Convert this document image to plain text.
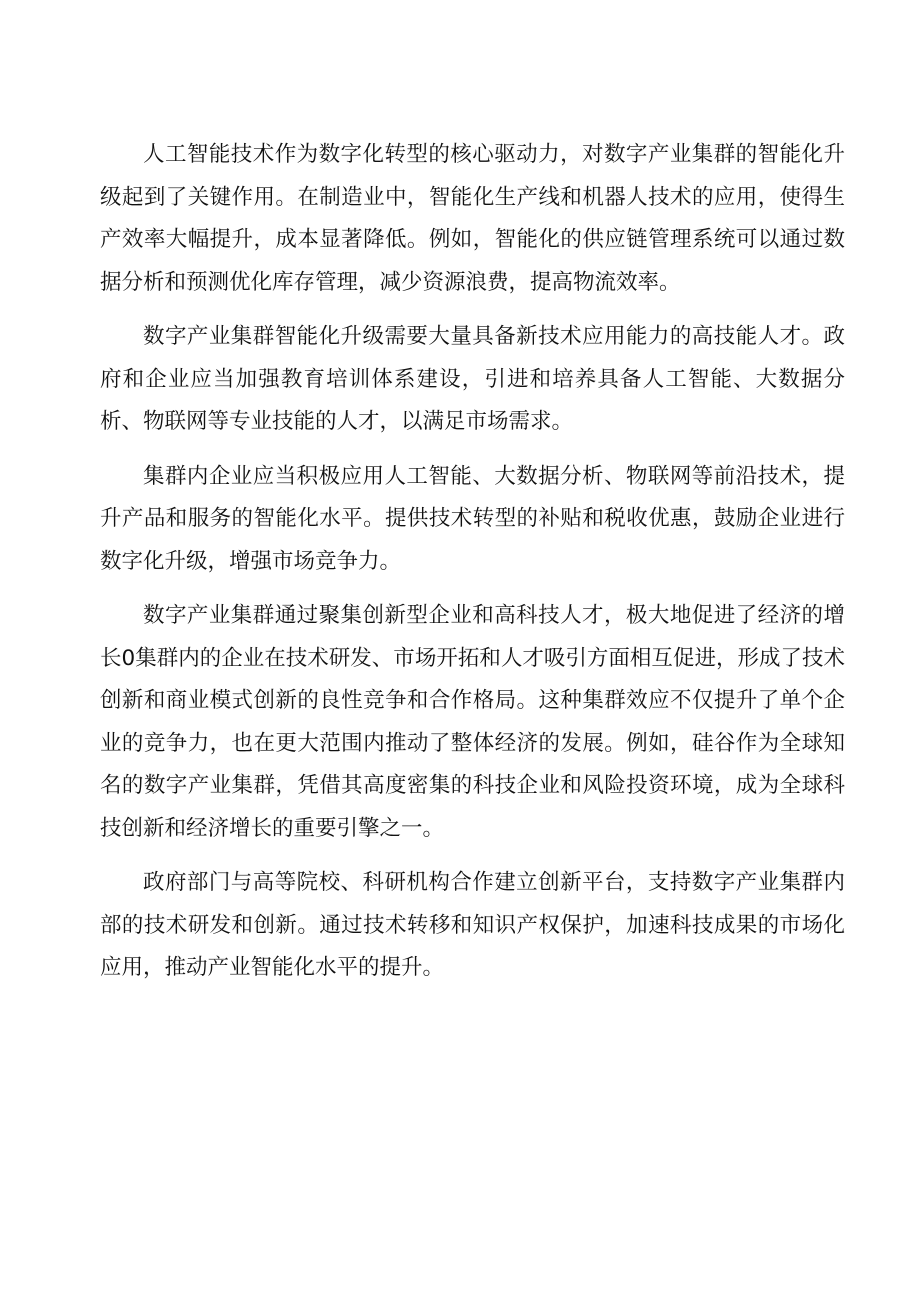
人工智能技术作为数字化转型的核心驱动力，对数字产业集群的智能化升级起到了关键作用。在制造业中，智能化生产线和机器人技术的应用，使得生产效率大幅提升，成本显著降低。例如，智能化的供应链管理系统可以通过数据分析和预测优化库存管理，减少资源浪费，提高物流效率。

数字产业集群智能化升级需要大量具备新技术应用能力的高技能人才。政府和企业应当加强教育培训体系建设，引进和培养具备人工智能、大数据分析、物联网等专业技能的人才，以满足市场需求。

集群内企业应当积极应用人工智能、大数据分析、物联网等前沿技术，提升产品和服务的智能化水平。提供技术转型的补贴和税收优惠，鼓励企业进行数字化升级，增强市场竞争力。

数字产业集群通过聚集创新型企业和高科技人才，极大地促进了经济的增长0集群内的企业在技术研发、市场开拓和人才吸引方面相互促进，形成了技术创新和商业模式创新的良性竞争和合作格局。这种集群效应不仅提升了单个企业的竞争力，也在更大范围内推动了整体经济的发展。例如，硅谷作为全球知名的数字产业集群，凭借其高度密集的科技企业和风险投资环境，成为全球科技创新和经济增长的重要引擎之一。

政府部门与高等院校、科研机构合作建立创新平台，支持数字产业集群内部的技术研发和创新。通过技术转移和知识产权保护，加速科技成果的市场化应用，推动产业智能化水平的提升。
